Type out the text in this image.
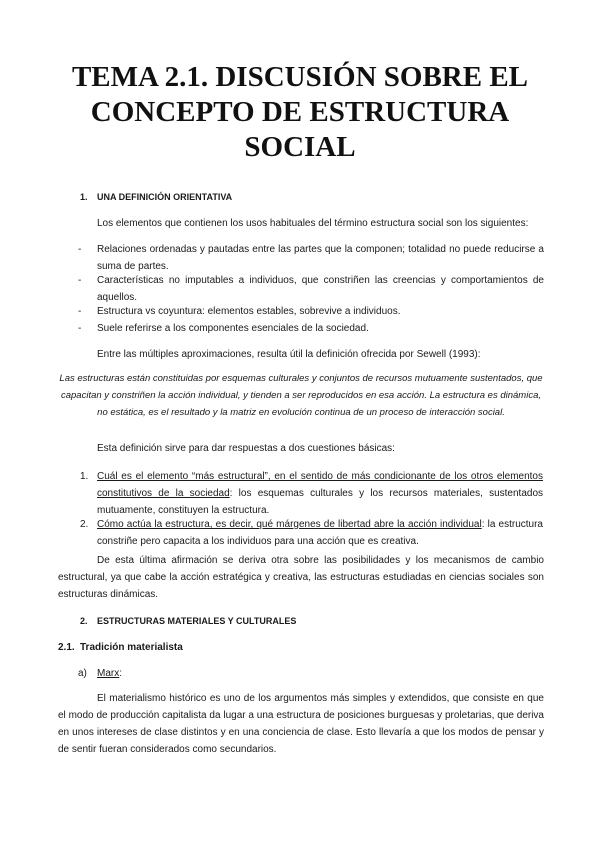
TEMA 2.1. DISCUSIÓN SOBRE EL
CONCEPTO DE ESTRUCTURA SOCIAL
1. UNA DEFINICIÓN ORIENTATIVA

Los elementos que contienen los usos habituales del término estructura social son los siguientes:

- Relaciones ordenadas y pautadas entre las partes que la componen; totalidad no puede reducirse a suma de partes.

- Características no imputables a individuos, que constriñen las creencias y comportamientos de aquellos.

- Estructura vs coyuntura: elementos estables, sobrevive a individuos.

- Suele referirse a los componentes esenciales de la sociedad.

Entre las múltiples aproximaciones, resulta útil la definición ofrecida por Sewell (1993):

Las estructuras están constituidas por esquemas culturales y conjuntos de recursos mutuamente sustentados, que capacitan y constriñen la acción individual, y tienden a ser reproducidos en esa acción. La estructura es dinámica, no estática, es el resultado y la matriz en evolución continua de un proceso de interacción social.

Esta definición sirve para dar respuestas a dos cuestiones básicas:

1. Cuál es el elemento “más estructural”, en el sentido de más condicionante de los otros elementos constitutivos de la sociedad: los esquemas culturales y los recursos materiales, sustentados mutuamente, constituyen la estructura.

2. Cómo actúa la estructura, es decir, qué márgenes de libertad abre la acción individual: la estructura constriñe pero capacita a los individuos para una acción que es creativa.

De esta última afirmación se deriva otra sobre las posibilidades y los mecanismos de cambio estructural, ya que cabe la acción estratégica y creativa, las estructuras estudiadas en ciencias sociales son estructuras dinámicas.

2. ESTRUCTURAS MATERIALES Y CULTURALES
2.1. Tradición materialista
a) Marx:

El materialismo histórico es uno de los argumentos más simples y extendidos, que consiste en que el modo de producción capitalista da lugar a una estructura de posiciones burguesas y proletarias, que deriva en unos intereses de clase distintos y en una conciencia de clase. Esto llevaría a que los modos de pensar y de sentir fueran considerados como secundarios.
